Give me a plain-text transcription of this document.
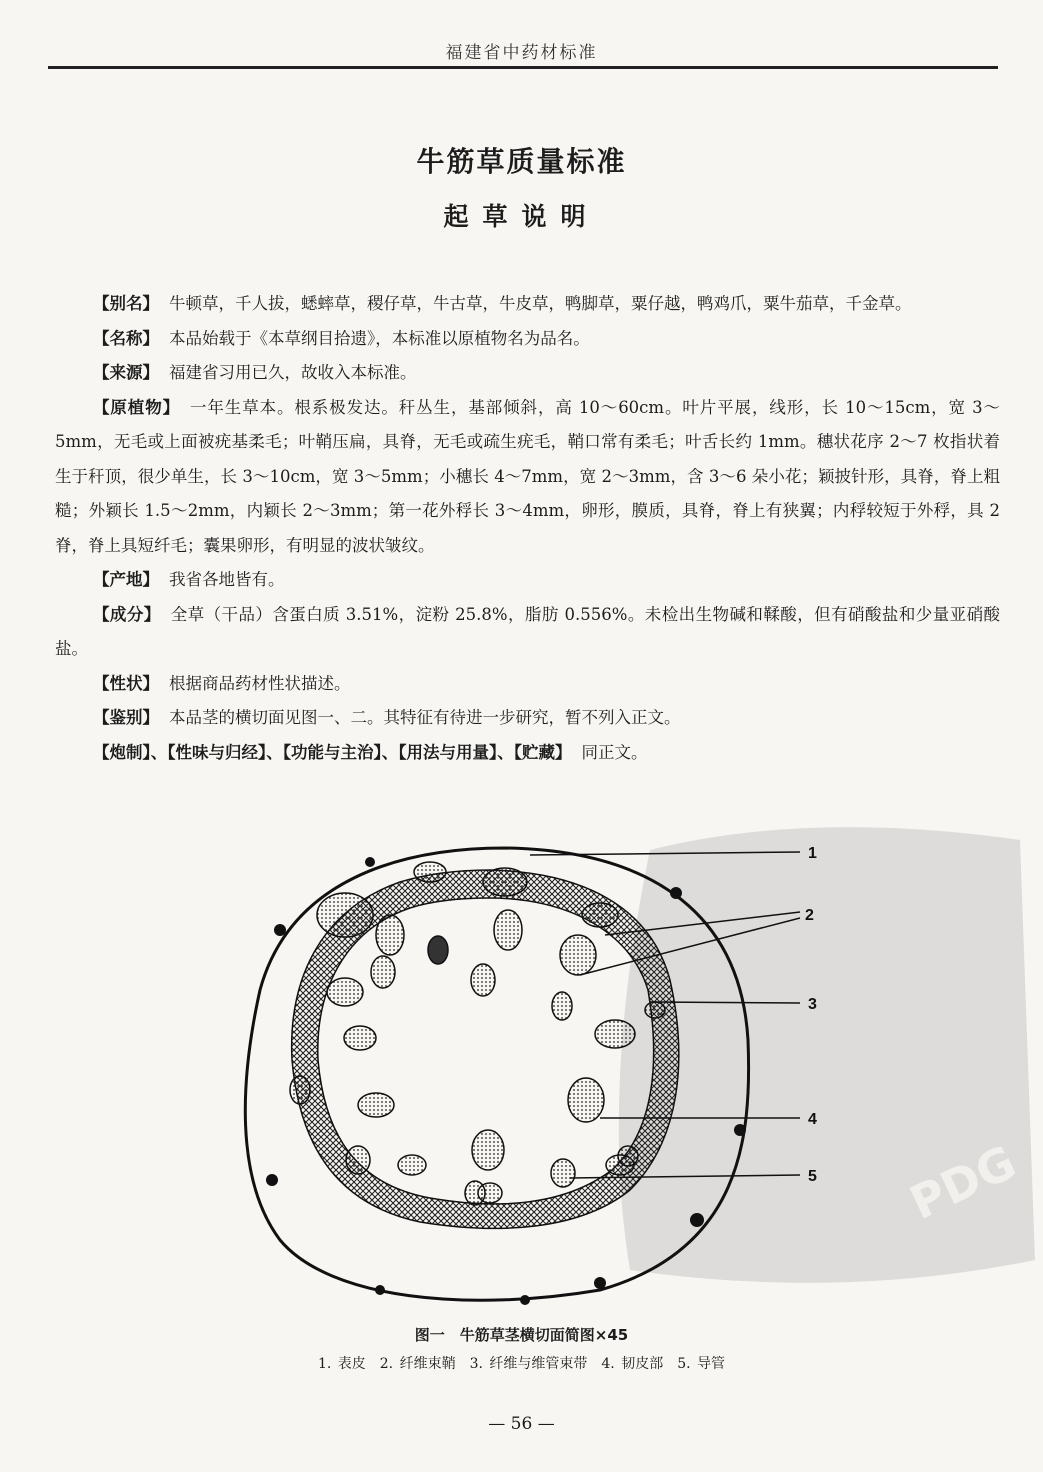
福建省中药材标准
牛筋草质量标准
起草说明

【别名】 牛顿草，千人拔，蟋蟀草，稷仔草，牛古草，牛皮草，鸭脚草，粟仔越，鸭鸡爪，粟牛茄草，千金草。

【名称】 本品始载于《本草纲目拾遗》，本标准以原植物名为品名。

【来源】 福建省习用已久，故收入本标准。

【原植物】 一年生草本。根系极发达。秆丛生，基部倾斜，高 10～60cm。叶片平展，线形，长 10～15cm，宽 3～5mm，无毛或上面被疣基柔毛；叶鞘压扁，具脊，无毛或疏生疣毛，鞘口常有柔毛；叶舌长约 1mm。穗状花序 2～7 枚指状着生于秆顶，很少单生，长 3～10cm，宽 3～5mm；小穗长 4～7mm，宽 2～3mm，含 3～6 朵小花；颖披针形，具脊，脊上粗糙；外颖长 1.5～2mm，内颖长 2～3mm；第一花外稃长 3～4mm，卵形，膜质，具脊，脊上有狭翼；内稃较短于外稃，具 2 脊，脊上具短纤毛；囊果卵形，有明显的波状皱纹。

【产地】 我省各地皆有。

【成分】 全草（干品）含蛋白质 3.51%，淀粉 25.8%，脂肪 0.556%。未检出生物碱和鞣酸，但有硝酸盐和少量亚硝酸盐。

【性状】 根据商品药材性状描述。

【鉴别】 本品茎的横切面见图一、二。其特征有待进一步研究，暂不列入正文。

【炮制】、【性味与归经】、【功能与主治】、【用法与用量】、【贮藏】 同正文。

PDG
1
2
3
4
5
图一　牛筋草茎横切面简图×45
1. 表皮　2. 纤维束鞘　3. 纤维与维管束带　4. 韧皮部　5. 导管
— 56 —
